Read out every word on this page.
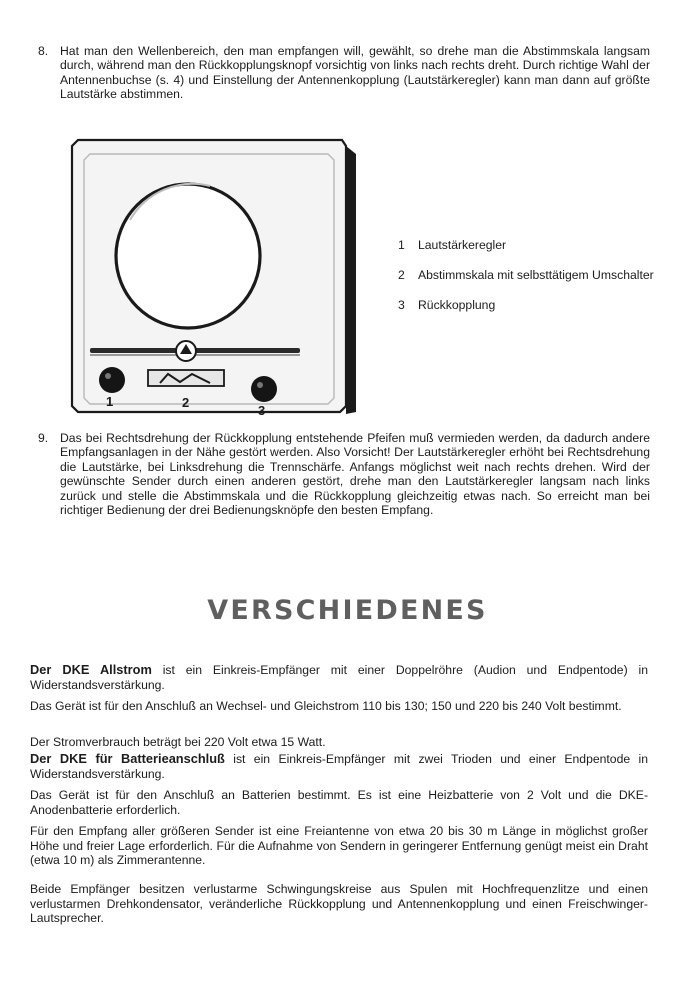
8. Hat man den Wellenbereich, den man empfangen will, gewählt, so drehe man die Abstimmskala langsam durch, während man den Rückkopplungsknopf vorsichtig von links nach rechts dreht. Durch richtige Wahl der Antennenbuchse (s. 4) und Einstellung der Antennenkopplung (Lautstärkeregler) kann man dann auf größte Lautstärke abstimmen.
1	2
3
1 Lautstärkeregler
2 Abstimmskala mit selbsttätigem Umschalter
3 Rückkopplung
9. Das bei Rechtsdrehung der Rückkopplung entstehende Pfeifen muß vermieden werden, da dadurch andere Empfangsanlagen in der Nähe gestört werden. Also Vorsicht! Der Lautstärkeregler erhöht bei Rechtsdrehung die Lautstärke, bei Linksdrehung die Trennschärfe. Anfangs möglichst weit nach rechts drehen. Wird der gewünschte Sender durch einen anderen gestört, drehe man den Lautstärkeregler langsam nach links zurück und stelle die Abstimmskala und die Rückkopplung gleichzeitig etwas nach. So erreicht man bei richtiger Bedienung der drei Bedienungsknöpfe den besten Empfang.
VERSCHIEDENES

Der DKE Allstrom ist ein Einkreis-Empfänger mit einer Doppelröhre (Audion und Endpentode) in Widerstandsverstärkung.

Das Gerät ist für den Anschluß an Wechsel- und Gleichstrom 110 bis 130; 150 und 220 bis 240 Volt bestimmt.

Der Stromverbrauch beträgt bei 220 Volt etwa 15 Watt.

Der DKE für Batterieanschluß ist ein Einkreis-Empfänger mit zwei Trioden und einer Endpentode in Widerstandsverstärkung.

Das Gerät ist für den Anschluß an Batterien bestimmt. Es ist eine Heizbatterie von 2 Volt und die DKE-Anodenbatterie erforderlich.

Für den Empfang aller größeren Sender ist eine Freiantenne von etwa 20 bis 30 m Länge in möglichst großer Höhe und freier Lage erforderlich. Für die Aufnahme von Sendern in geringerer Entfernung genügt meist ein Draht (etwa 10 m) als Zimmerantenne.

Beide Empfänger besitzen verlustarme Schwingungskreise aus Spulen mit Hochfrequenzlitze und einen verlustarmen Drehkondensator, veränderliche Rückkopplung und Antennenkopplung und einen Freischwinger-Lautsprecher.
